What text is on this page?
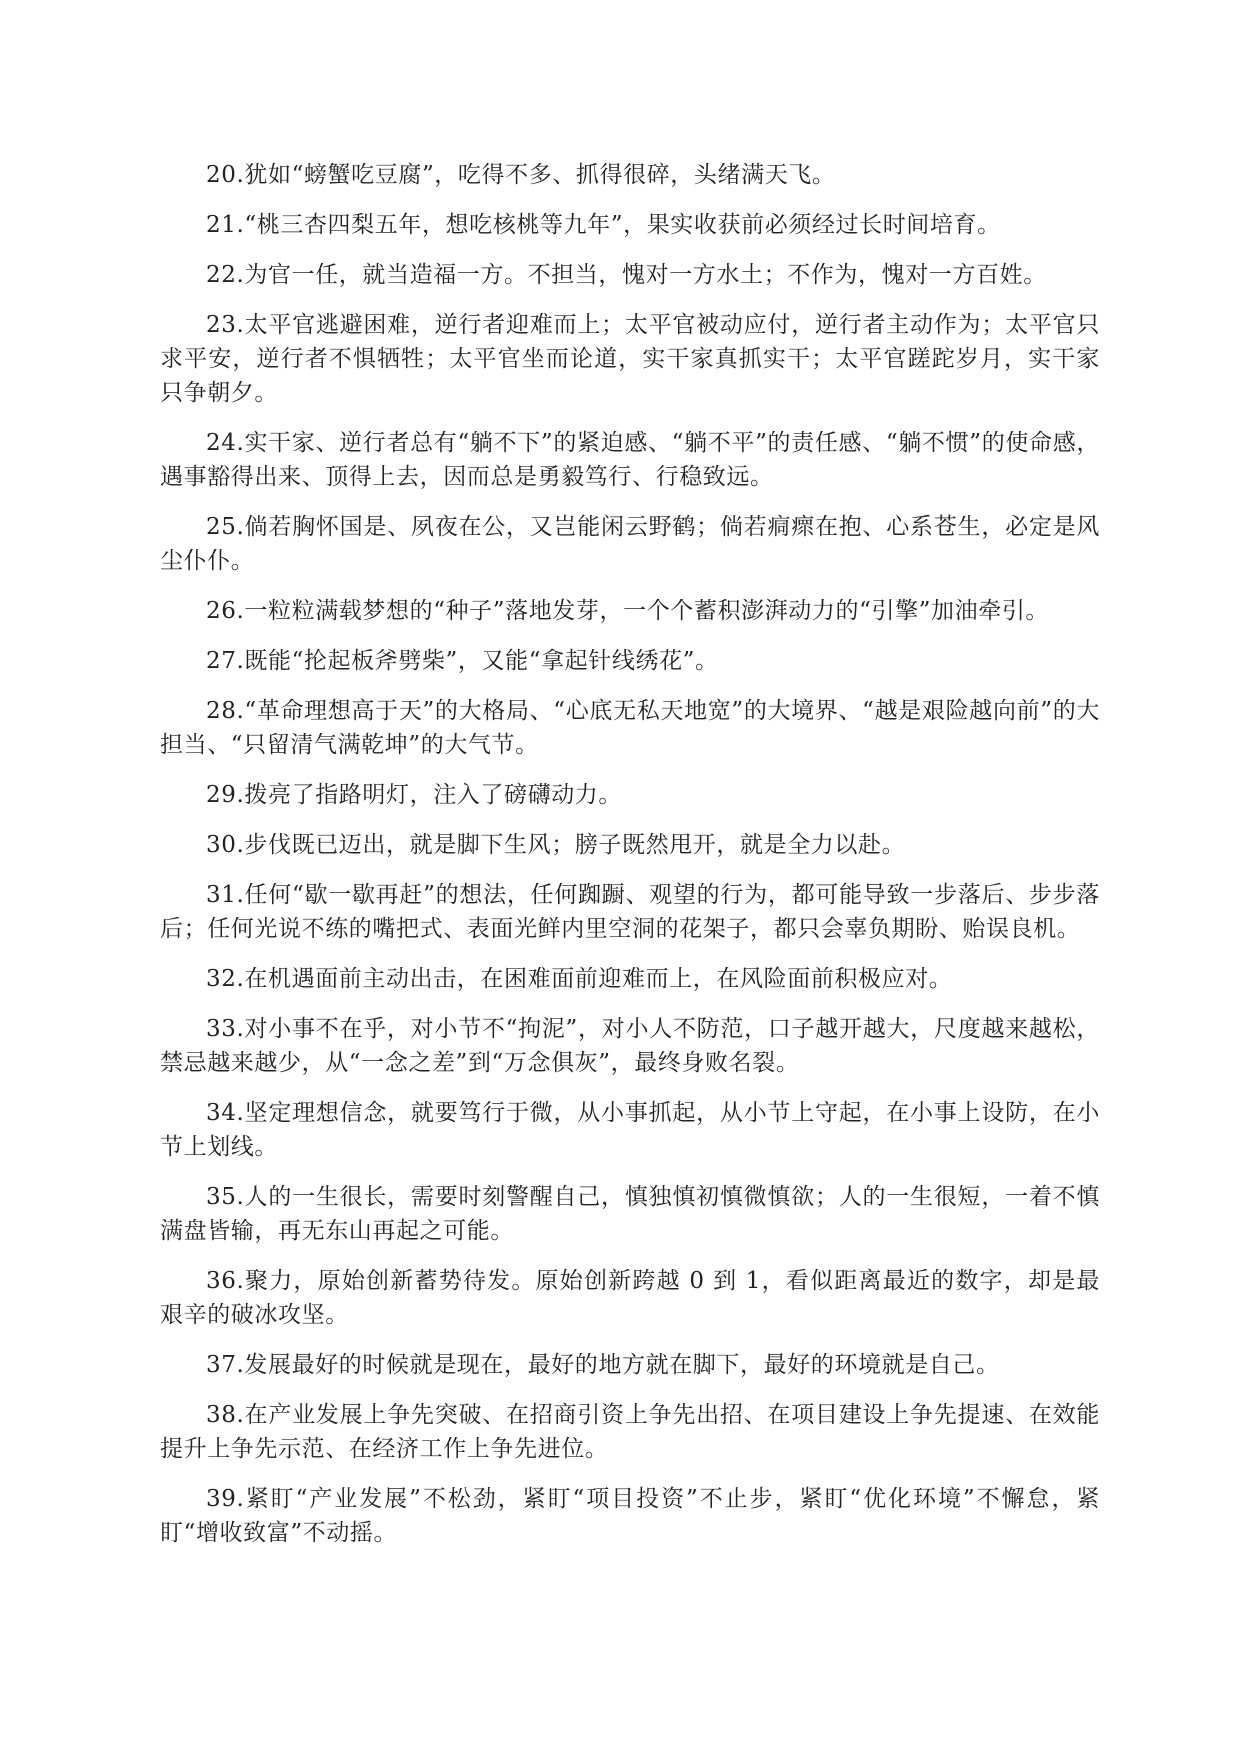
20.犹如“螃蟹吃豆腐”，吃得不多、抓得很碎，头绪满天飞。

21.“桃三杏四梨五年，想吃核桃等九年”，果实收获前必须经过长时间培育。

22.为官一任，就当造福一方。不担当，愧对一方水土；不作为，愧对一方百姓。

23.太平官逃避困难，逆行者迎难而上；太平官被动应付，逆行者主动作为；太平官只求平安，逆行者不惧牺牲；太平官坐而论道，实干家真抓实干；太平官蹉跎岁月，实干家只争朝夕。

24.实干家、逆行者总有“躺不下”的紧迫感、“躺不平”的责任感、“躺不惯”的使命感，遇事豁得出来、顶得上去，因而总是勇毅笃行、行稳致远。

25.倘若胸怀国是、夙夜在公，又岂能闲云野鹤；倘若痌瘝在抱、心系苍生，必定是风尘仆仆。

26.一粒粒满载梦想的“种子”落地发芽，一个个蓄积澎湃动力的“引擎”加油牵引。

27.既能“抡起板斧劈柴”，又能“拿起针线绣花”。

28.“革命理想高于天”的大格局、“心底无私天地宽”的大境界、“越是艰险越向前”的大担当、“只留清气满乾坤”的大气节。

29.拨亮了指路明灯，注入了磅礴动力。

30.步伐既已迈出，就是脚下生风；膀子既然甩开，就是全力以赴。

31.任何“歇一歇再赶”的想法，任何踟蹰、观望的行为，都可能导致一步落后、步步落后；任何光说不练的嘴把式、表面光鲜内里空洞的花架子，都只会辜负期盼、贻误良机。

32.在机遇面前主动出击，在困难面前迎难而上，在风险面前积极应对。

33.对小事不在乎，对小节不“拘泥”，对小人不防范，口子越开越大，尺度越来越松，禁忌越来越少，从“一念之差”到“万念俱灰”，最终身败名裂。

34.坚定理想信念，就要笃行于微，从小事抓起，从小节上守起，在小事上设防，在小节上划线。

35.人的一生很长，需要时刻警醒自己，慎独慎初慎微慎欲；人的一生很短，一着不慎满盘皆输，再无东山再起之可能。

36.聚力，原始创新蓄势待发。原始创新跨越 0 到 1，看似距离最近的数字，却是最艰辛的破冰攻坚。

37.发展最好的时候就是现在，最好的地方就在脚下，最好的环境就是自己。

38.在产业发展上争先突破、在招商引资上争先出招、在项目建设上争先提速、在效能提升上争先示范、在经济工作上争先进位。

39.紧盯“产业发展”不松劲，紧盯“项目投资”不止步，紧盯“优化环境”不懈怠，紧盯“增收致富”不动摇。
